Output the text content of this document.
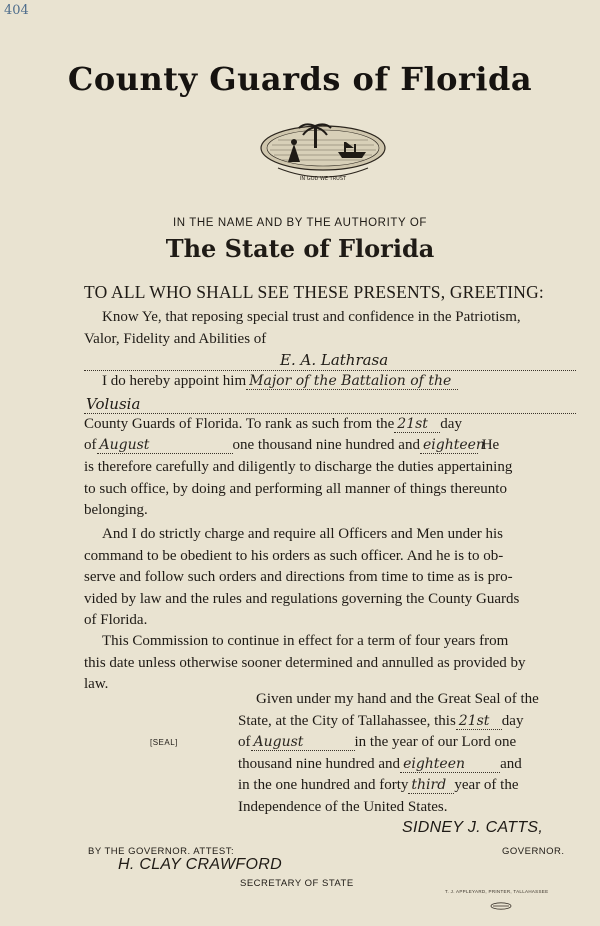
404
County Guards of Florida
IN GOD WE TRUST
IN THE NAME AND BY THE AUTHORITY OF
The State of Florida
TO ALL WHO SHALL SEE THESE PRESENTS, GREETING:
Know Ye, that reposing special trust and confidence in the Patriotism,
Valor, Fidelity and Abilities of
E. A. Lathrasa
I do hereby appoint him Major of the Battalion of the
Volusia
County Guards of Florida. To rank as such from the 21st day
of August	one thousand nine hundred and eighteen He
is therefore carefully and diligently to discharge the duties appertaining
to such office, by doing and performing all manner of things thereunto
belonging.
And I do strictly charge and require all Officers and Men under his
command to be obedient to his orders as such officer. And he is to ob-
serve and follow such orders and directions from time to time as is pro-
vided by law and the rules and regulations governing the County Guards
of Florida.
This Commission to continue in effect for a term of four years from
this date unless otherwise sooner determined and annulled as provided by
law.
Given under my hand and the Great Seal of the
State, at the City of Tallahassee, this 21st day
of August	in the year of our Lord one
thousand nine hundred and eighteen and
in the one hundred and forty third year of the
Independence of the United States.
[SEAL]
SIDNEY J. CATTS,
GOVERNOR.
BY THE GOVERNOR. ATTEST:
H. CLAY CRAWFORD
SECRETARY OF STATE
T. J. APPLEYARD, PRINTER, TALLAHASSEE
